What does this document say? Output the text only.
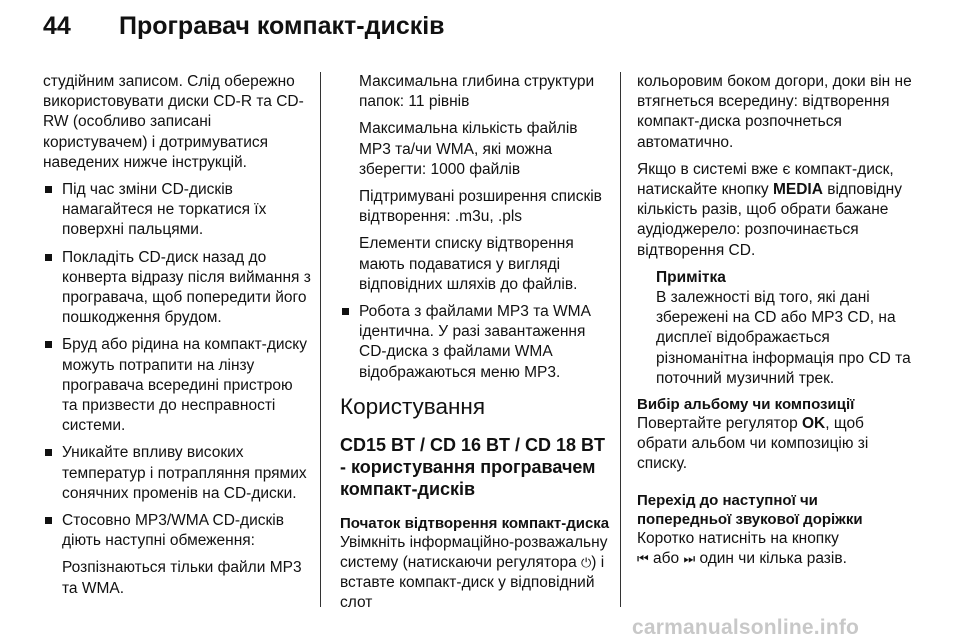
44 Програвач компакт-дисків

студійним записом. Слід обережно використовувати диски CD-R та CD-RW (особливо записані користувачем) і дотримуватися наведених нижче інструкцій.

Під час зміни CD-дисків намагайтеся не торкатися їх поверхні пальцями.
Покладіть CD-диск назад до конверта відразу після виймання з програвача, щоб попередити його пошкодження брудом.
Бруд або рідина на компакт-диску можуть потрапити на лінзу програвача всередині пристрою та призвести до несправності системи.
Уникайте впливу високих температур і потрапляння прямих сонячних променів на CD-диски.
Стосовно MP3/WMA CD-дисків діють наступні обмеження:

Розпізнаються тільки файли MP3 та WMA.

Максимальна глибина структури папок: 11 рівнів

Максимальна кількість файлів MP3 та/чи WMA, які можна зберегти: 1000 файлів

Підтримувані розширення списків відтворення: .m3u, .pls

Елементи списку відтворення мають подаватися у вигляді відповідних шляхів до файлів.

Робота з файлами MP3 та WMA ідентична. У разі завантаження CD-диска з файлами WMA відображаються меню MP3.
Користування
CD15 BT / CD 16 BT / CD 18 BT - користування програвачем компакт-дисків
Початок відтворення компакт-диска

Увімкніть інформаційно-розважальну систему (натискаючи регулятора ⏻) і вставте компакт-диск у відповідний слот

кольоровим боком догори, доки він не втягнеться всередину: відтворення компакт-диска розпочнеться автоматично.

Якщо в системі вже є компакт-диск, натискайте кнопку MEDIA відповідну кількість разів, щоб обрати бажане аудіоджерело: розпочинається відтворення CD.

Примітка
В залежності від того, які дані збережені на CD або MP3 CD, на дисплеї відображається різноманітна інформація про CD та поточний музичний трек.
Вибір альбому чи композиції

Повертайте регулятор OK, щоб обрати альбом чи композицію зі списку.

Перехід до наступної чи попередньої звукової доріжки

Коротко натисніть на кнопку
⏮ або ⏭ один чи кілька разів.

carmanualsonline.info
